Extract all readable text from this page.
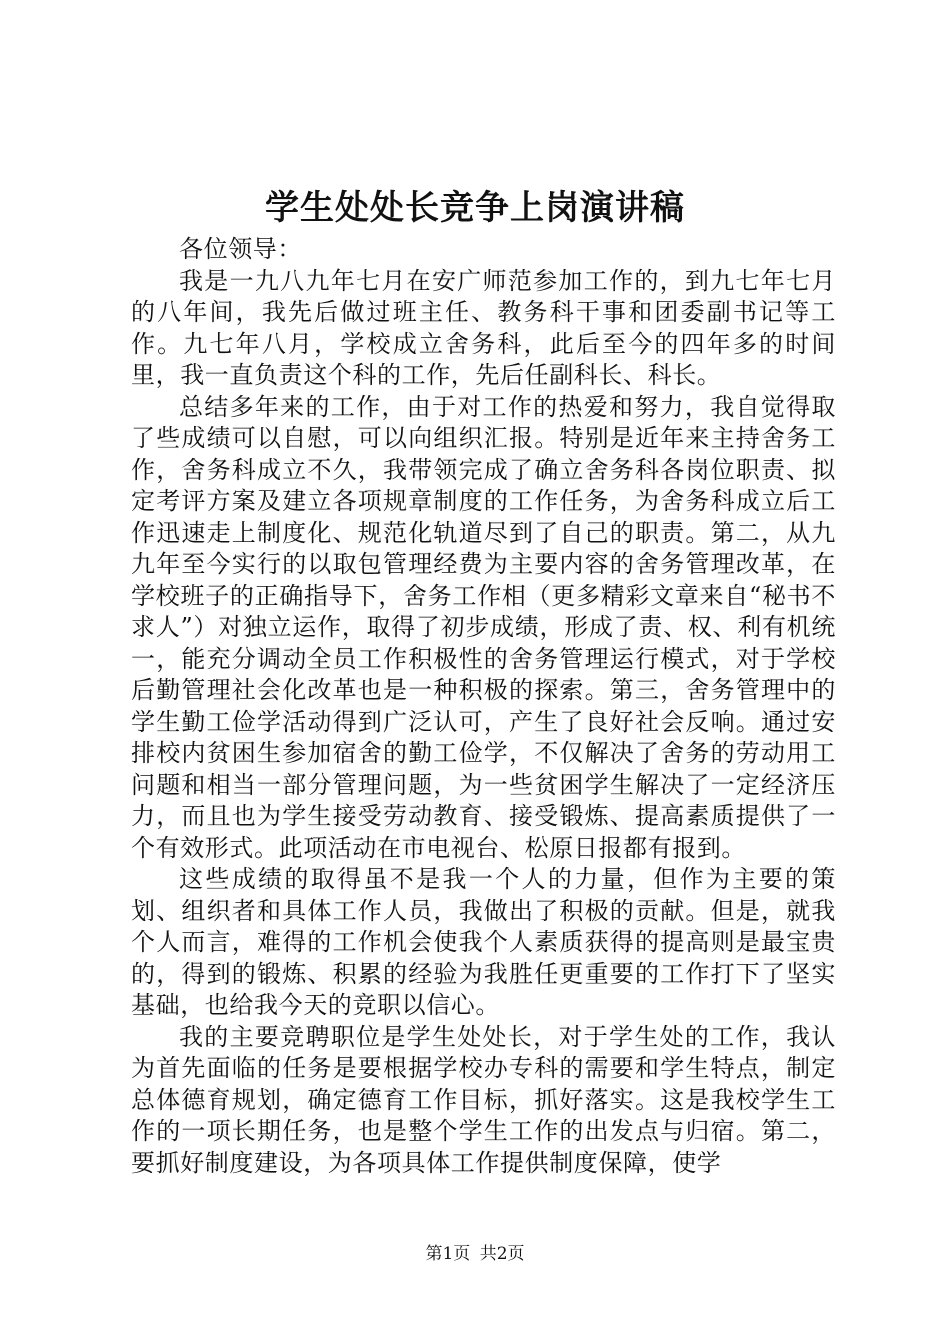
学生处处长竞争上岗演讲稿

各位领导：

我是一九八九年七月在安广师范参加工作的，到九七年七月的八年间，我先后做过班主任、教务科干事和团委副书记等工作。九七年八月，学校成立舍务科，此后至今的四年多的时间里，我一直负责这个科的工作，先后任副科长、科长。

总结多年来的工作，由于对工作的热爱和努力，我自觉得取了些成绩可以自慰，可以向组织汇报。特别是近年来主持舍务工作，舍务科成立不久，我带领完成了确立舍务科各岗位职责、拟定考评方案及建立各项规章制度的工作任务，为舍务科成立后工作迅速走上制度化、规范化轨道尽到了自己的职责。第二，从九九年至今实行的以取包管理经费为主要内容的舍务管理改革，在学校班子的正确指导下，舍务工作相（更多精彩文章来自“秘书不求人”）对独立运作，取得了初步成绩，形成了责、权、利有机统一，能充分调动全员工作积极性的舍务管理运行模式，对于学校后勤管理社会化改革也是一种积极的探索。第三，舍务管理中的学生勤工俭学活动得到广泛认可，产生了良好社会反响。通过安排校内贫困生参加宿舍的勤工俭学，不仅解决了舍务的劳动用工问题和相当一部分管理问题，为一些贫困学生解决了一定经济压力，而且也为学生接受劳动教育、接受锻炼、提高素质提供了一个有效形式。此项活动在市电视台、松原日报都有报到。

这些成绩的取得虽不是我一个人的力量，但作为主要的策划、组织者和具体工作人员，我做出了积极的贡献。但是，就我个人而言，难得的工作机会使我个人素质获得的提高则是最宝贵的，得到的锻炼、积累的经验为我胜任更重要的工作打下了坚实基础，也给我今天的竞职以信心。

我的主要竞聘职位是学生处处长，对于学生处的工作，我认为首先面临的任务是要根据学校办专科的需要和学生特点，制定总体德育规划，确定德育工作目标，抓好落实。这是我校学生工作的一项长期任务，也是整个学生工作的出发点与归宿。第二，要抓好制度建设，为各项具体工作提供制度保障，使学

第1页 共2页
